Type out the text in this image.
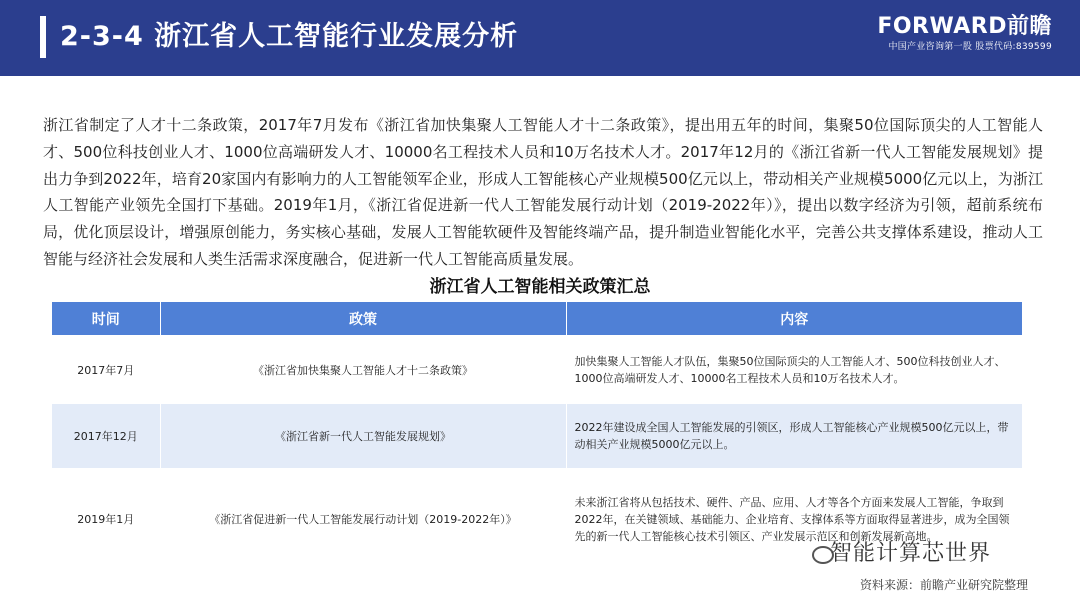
2-3-4 浙江省人工智能行业发展分析	FORWARD前瞻
中国产业咨询第一股 股票代码:839599
浙江省制定了人才十二条政策，2017年7月发布《浙江省加快集聚人工智能人才十二条政策》，提出用五年的时间，集聚50位国际顶尖的人工智能人才、500位科技创业人才、1000位高端研发人才、10000名工程技术人员和10万名技术人才。2017年12月的《浙江省新一代人工智能发展规划》提出力争到2022年，培育20家国内有影响力的人工智能领军企业，形成人工智能核心产业规模500亿元以上，带动相关产业规模5000亿元以上，为浙江人工智能产业领先全国打下基础。2019年1月，《浙江省促进新一代人工智能发展行动计划（2019-2022年）》，提出以数字经济为引领，超前系统布局，优化顶层设计，增强原创能力，务实核心基础，发展人工智能软硬件及智能终端产品，提升制造业智能化水平，完善公共支撑体系建设，推动人工智能与经济社会发展和人类生活需求深度融合，促进新一代人工智能高质量发展。
浙江省人工智能相关政策汇总
时间	政策	内容
2017年7月	《浙江省加快集聚人工智能人才十二条政策》	加快集聚人工智能人才队伍，集聚50位国际顶尖的人工智能人才、500位科技创业人才、1000位高端研发人才、10000名工程技术人员和10万名技术人才。
2017年12月	《浙江省新一代人工智能发展规划》	2022年建设成全国人工智能发展的引领区，形成人工智能核心产业规模500亿元以上，带动相关产业规模5000亿元以上。
2019年1月	《浙江省促进新一代人工智能发展行动计划（2019-2022年）》	未来浙江省将从包括技术、硬件、产品、应用、人才等各个方面来发展人工智能，争取到2022年，在关键领域、基础能力、企业培育、支撑体系等方面取得显著进步，成为全国领先的新一代人工智能核心技术引领区、产业发展示范区和创新发展新高地。
智能计算芯世界
资料来源：前瞻产业研究院整理
